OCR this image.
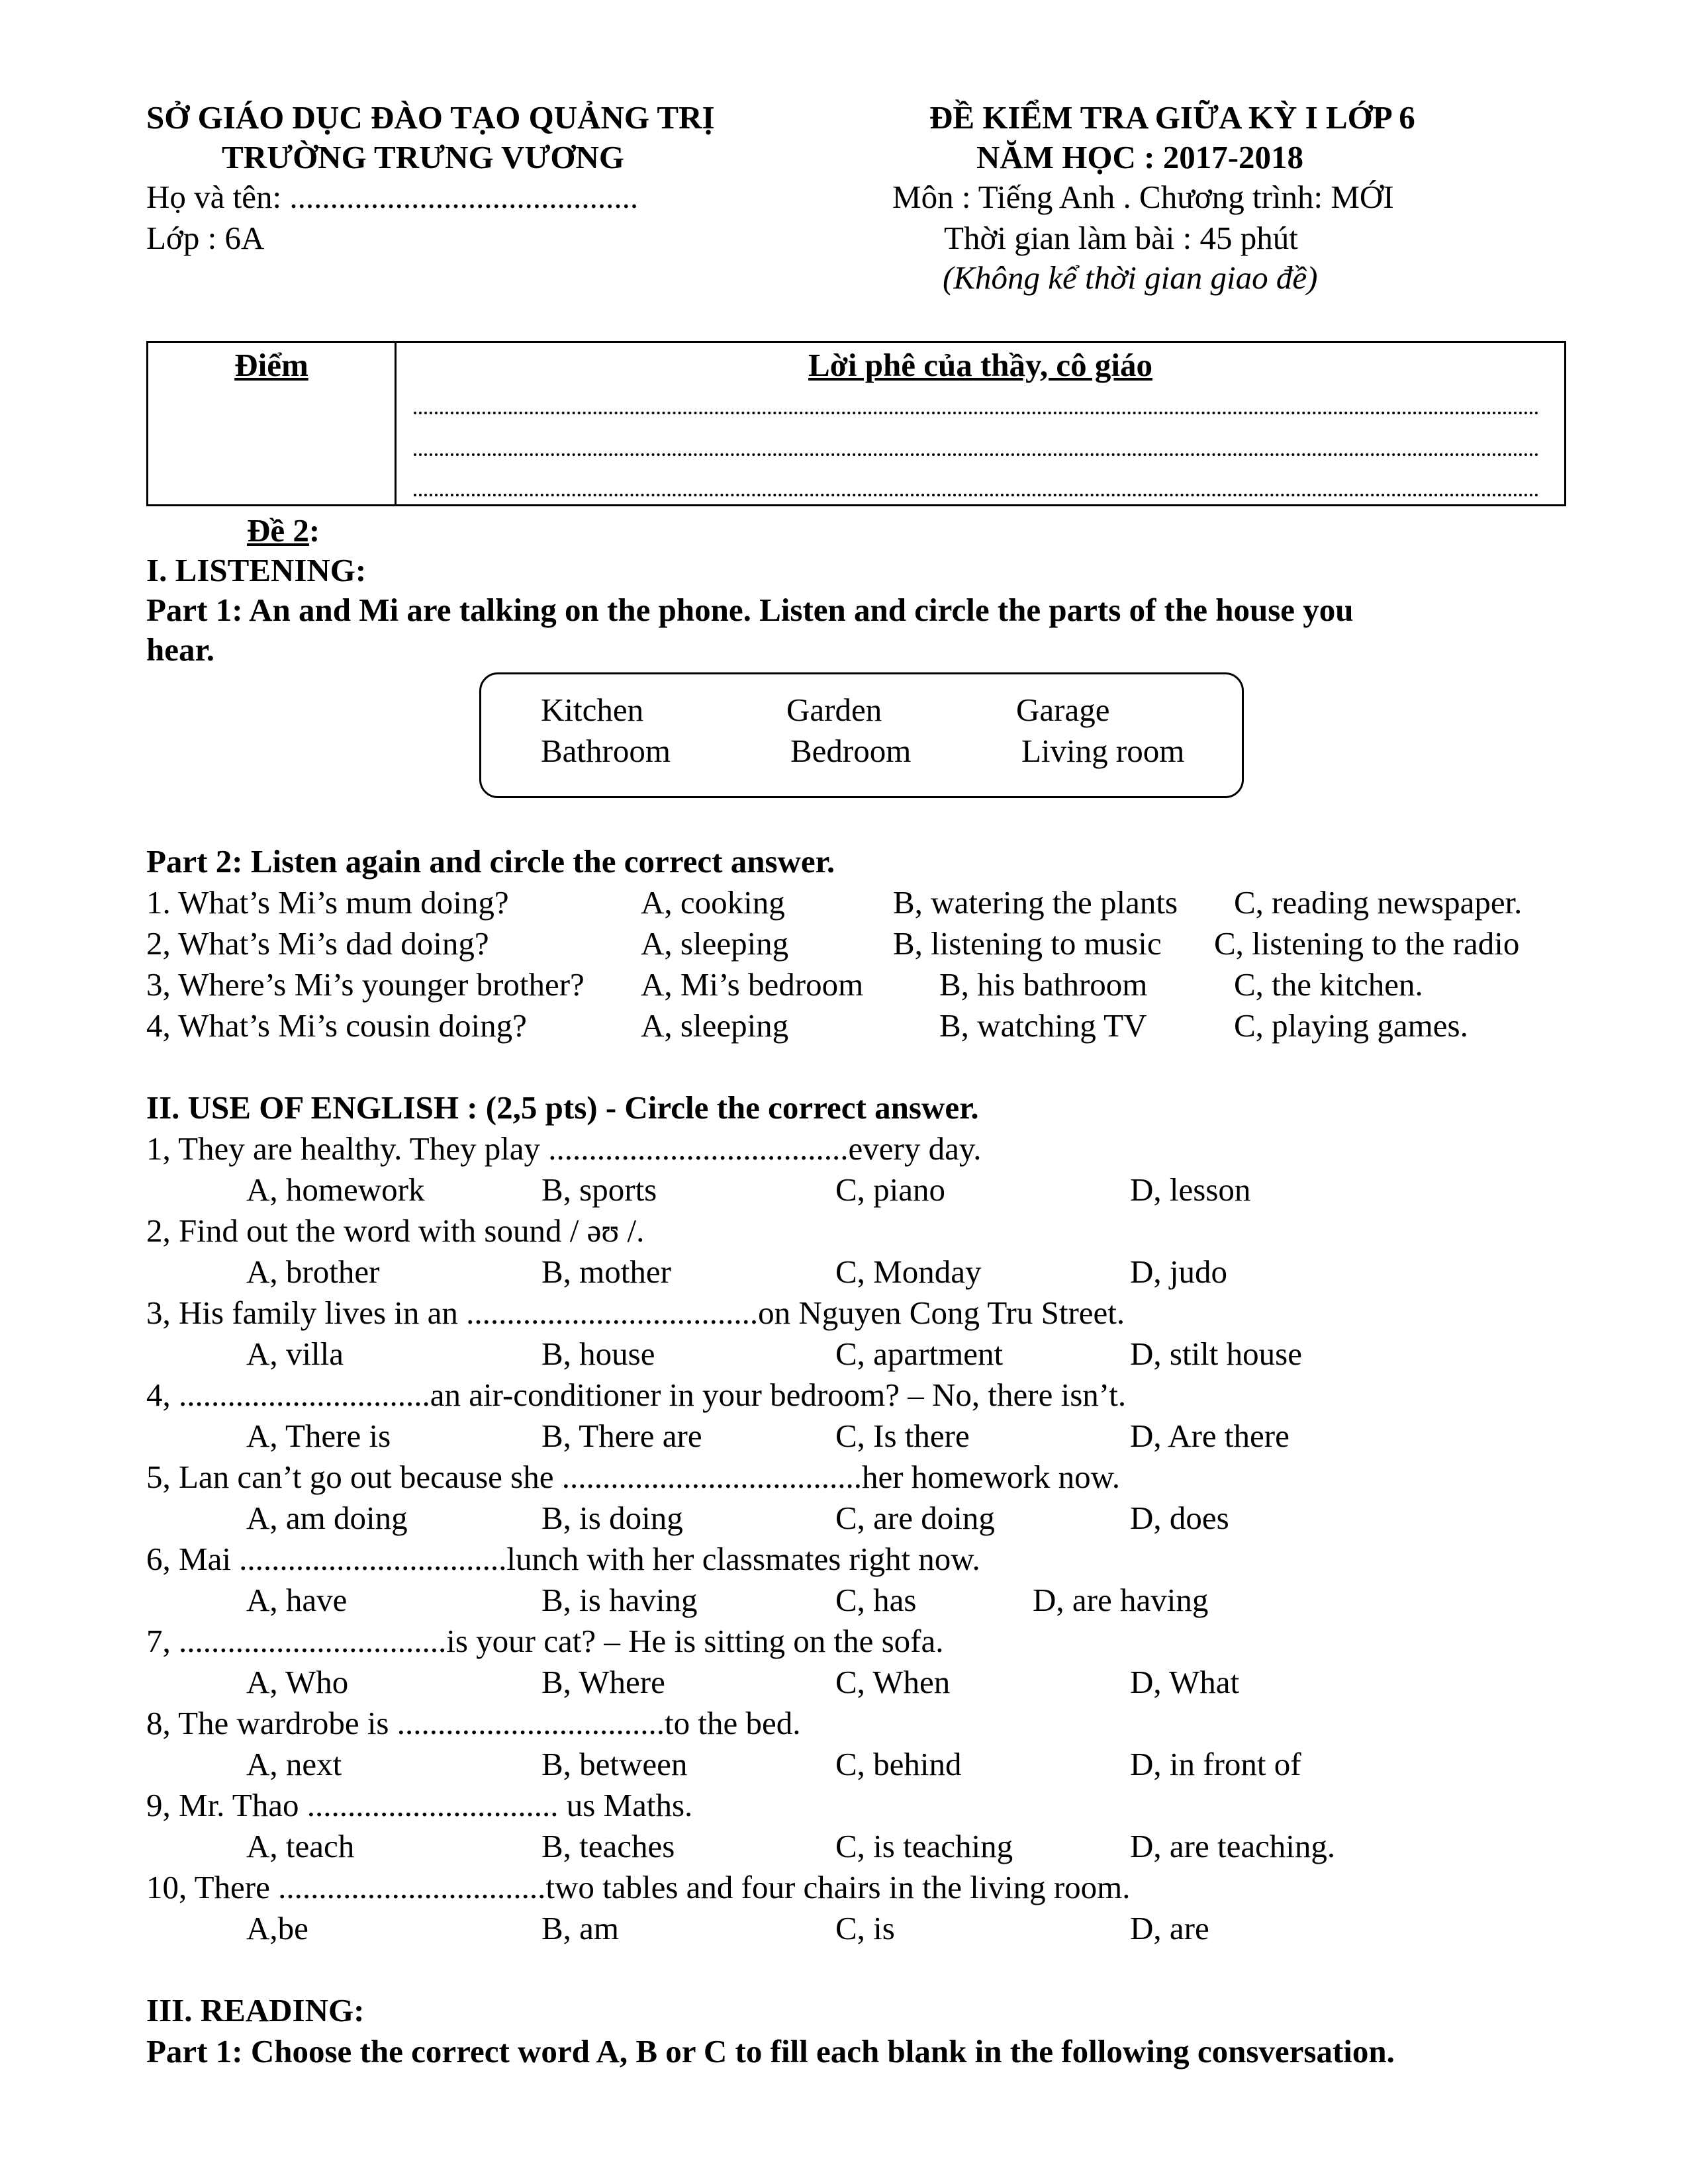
SỞ GIÁO DỤC ĐÀO TẠO QUẢNG TRỊ
TRƯỜNG TRƯNG VƯƠNG
Họ và tên: ...........................................
Lớp : 6A
ĐỀ KIỂM TRA GIỮA KỲ I LỚP 6
NĂM HỌC : 2017-2018
Môn : Tiếng Anh . Chương trình: MỚI
Thời gian làm bài : 45 phút
(Không kể thời gian giao đề)
Điểm	Lời phê của thầy, cô giáo
Đề 2:
I. LISTENING:
Part 1: An and Mi are talking on the phone. Listen and circle the parts of the house you
hear.
Kitchen	Garden	Garage
Bathroom	Bedroom	Living room
Part 2: Listen again and circle the correct answer.
1. What’s Mi’s mum doing?	A, cooking	B, watering the plants C, reading newspaper.
2, What’s Mi’s dad doing?	A, sleeping	B, listening to music C, listening to the radio
3, Where’s Mi’s younger brother? A, Mi’s bedroom B, his bathroom	C, the kitchen.
4, What’s Mi’s cousin doing?	A, sleeping	B, watching TV	C, playing games.
II. USE OF ENGLISH : (2,5 pts) - Circle the correct answer.
1, They are healthy. They play .....................................every day.
A, homework	B, sports	C, piano	D, lesson
2, Find out the word with sound / əʊ /.
A, brother	B, mother	C, Monday	D, judo
3, His family lives in an ....................................on Nguyen Cong Tru Street.
A, villa	B, house	C, apartment	D, stilt house
4, ...............................an air-conditioner in your bedroom? – No, there isn’t.
A, There is	B, There are	C, Is there	D, Are there
5, Lan can’t go out because she .....................................her homework now.
A, am doing	B, is doing	C, are doing	D, does
6, Mai .................................lunch with her classmates right now.
A, have	B, is having	C, has	D, are having
7, .................................is your cat? – He is sitting on the sofa.
A, Who	B, Where	C, When	D, What
8, The wardrobe is .................................to the bed.
A, next	B, between	C, behind	D, in front of
9, Mr. Thao ............................... us Maths.
A, teach	B, teaches	C, is teaching	D, are teaching.
10, There .................................two tables and four chairs in the living room.
A,be	B, am	C, is	D, are
III. READING:
Part 1: Choose the correct word A, B or C to fill each blank in the following consversation.
